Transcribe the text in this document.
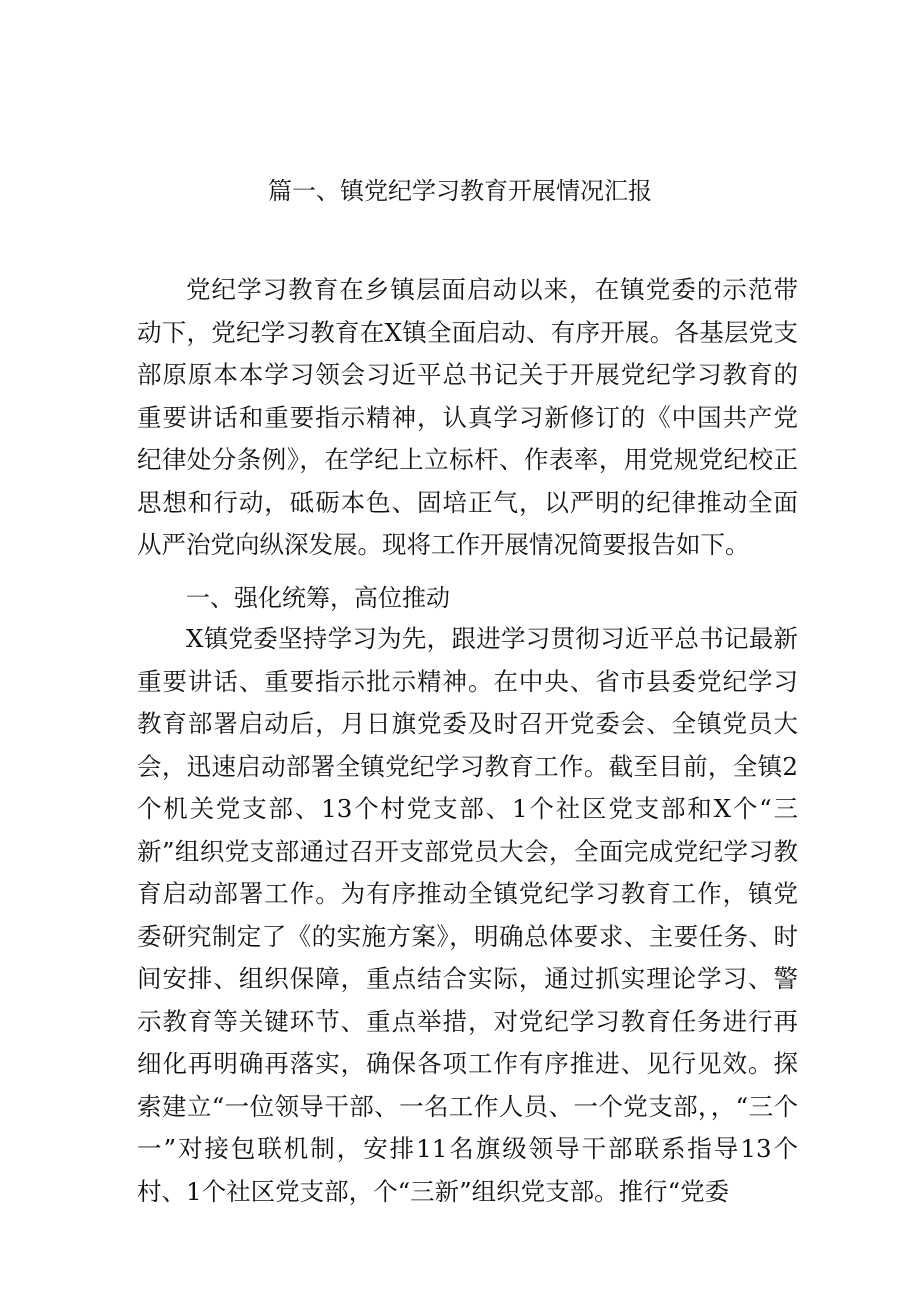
篇一、镇党纪学习教育开展情况汇报

党纪学习教育在乡镇层面启动以来，在镇党委的示范带动下，党纪学习教育在X镇全面启动、有序开展。各基层党支部原原本本学习领会习近平总书记关于开展党纪学习教育的重要讲话和重要指示精神，认真学习新修订的《中国共产党纪律处分条例》，在学纪上立标杆、作表率，用党规党纪校正思想和行动，砥砺本色、固培正气，以严明的纪律推动全面从严治党向纵深发展。现将工作开展情况简要报告如下。

一、强化统筹，高位推动

X镇党委坚持学习为先，跟进学习贯彻习近平总书记最新重要讲话、重要指示批示精神。在中央、省市县委党纪学习教育部署启动后，月日旗党委及时召开党委会、全镇党员大会，迅速启动部署全镇党纪学习教育工作。截至目前，全镇2个机关党支部、13个村党支部、1个社区党支部和X个“三新”组织党支部通过召开支部党员大会，全面完成党纪学习教育启动部署工作。为有序推动全镇党纪学习教育工作，镇党委研究制定了《的实施方案》，明确总体要求、主要任务、时间安排、组织保障，重点结合实际，通过抓实理论学习、警示教育等关键环节、重点举措，对党纪学习教育任务进行再细化再明确再落实，确保各项工作有序推进、见行见效。探索建立“一位领导干部、一名工作人员、一个党支部，，“三个一”对接包联机制，安排11名旗级领导干部联系指导13个村、1个社区党支部，个“三新”组织党支部。推行“党委
